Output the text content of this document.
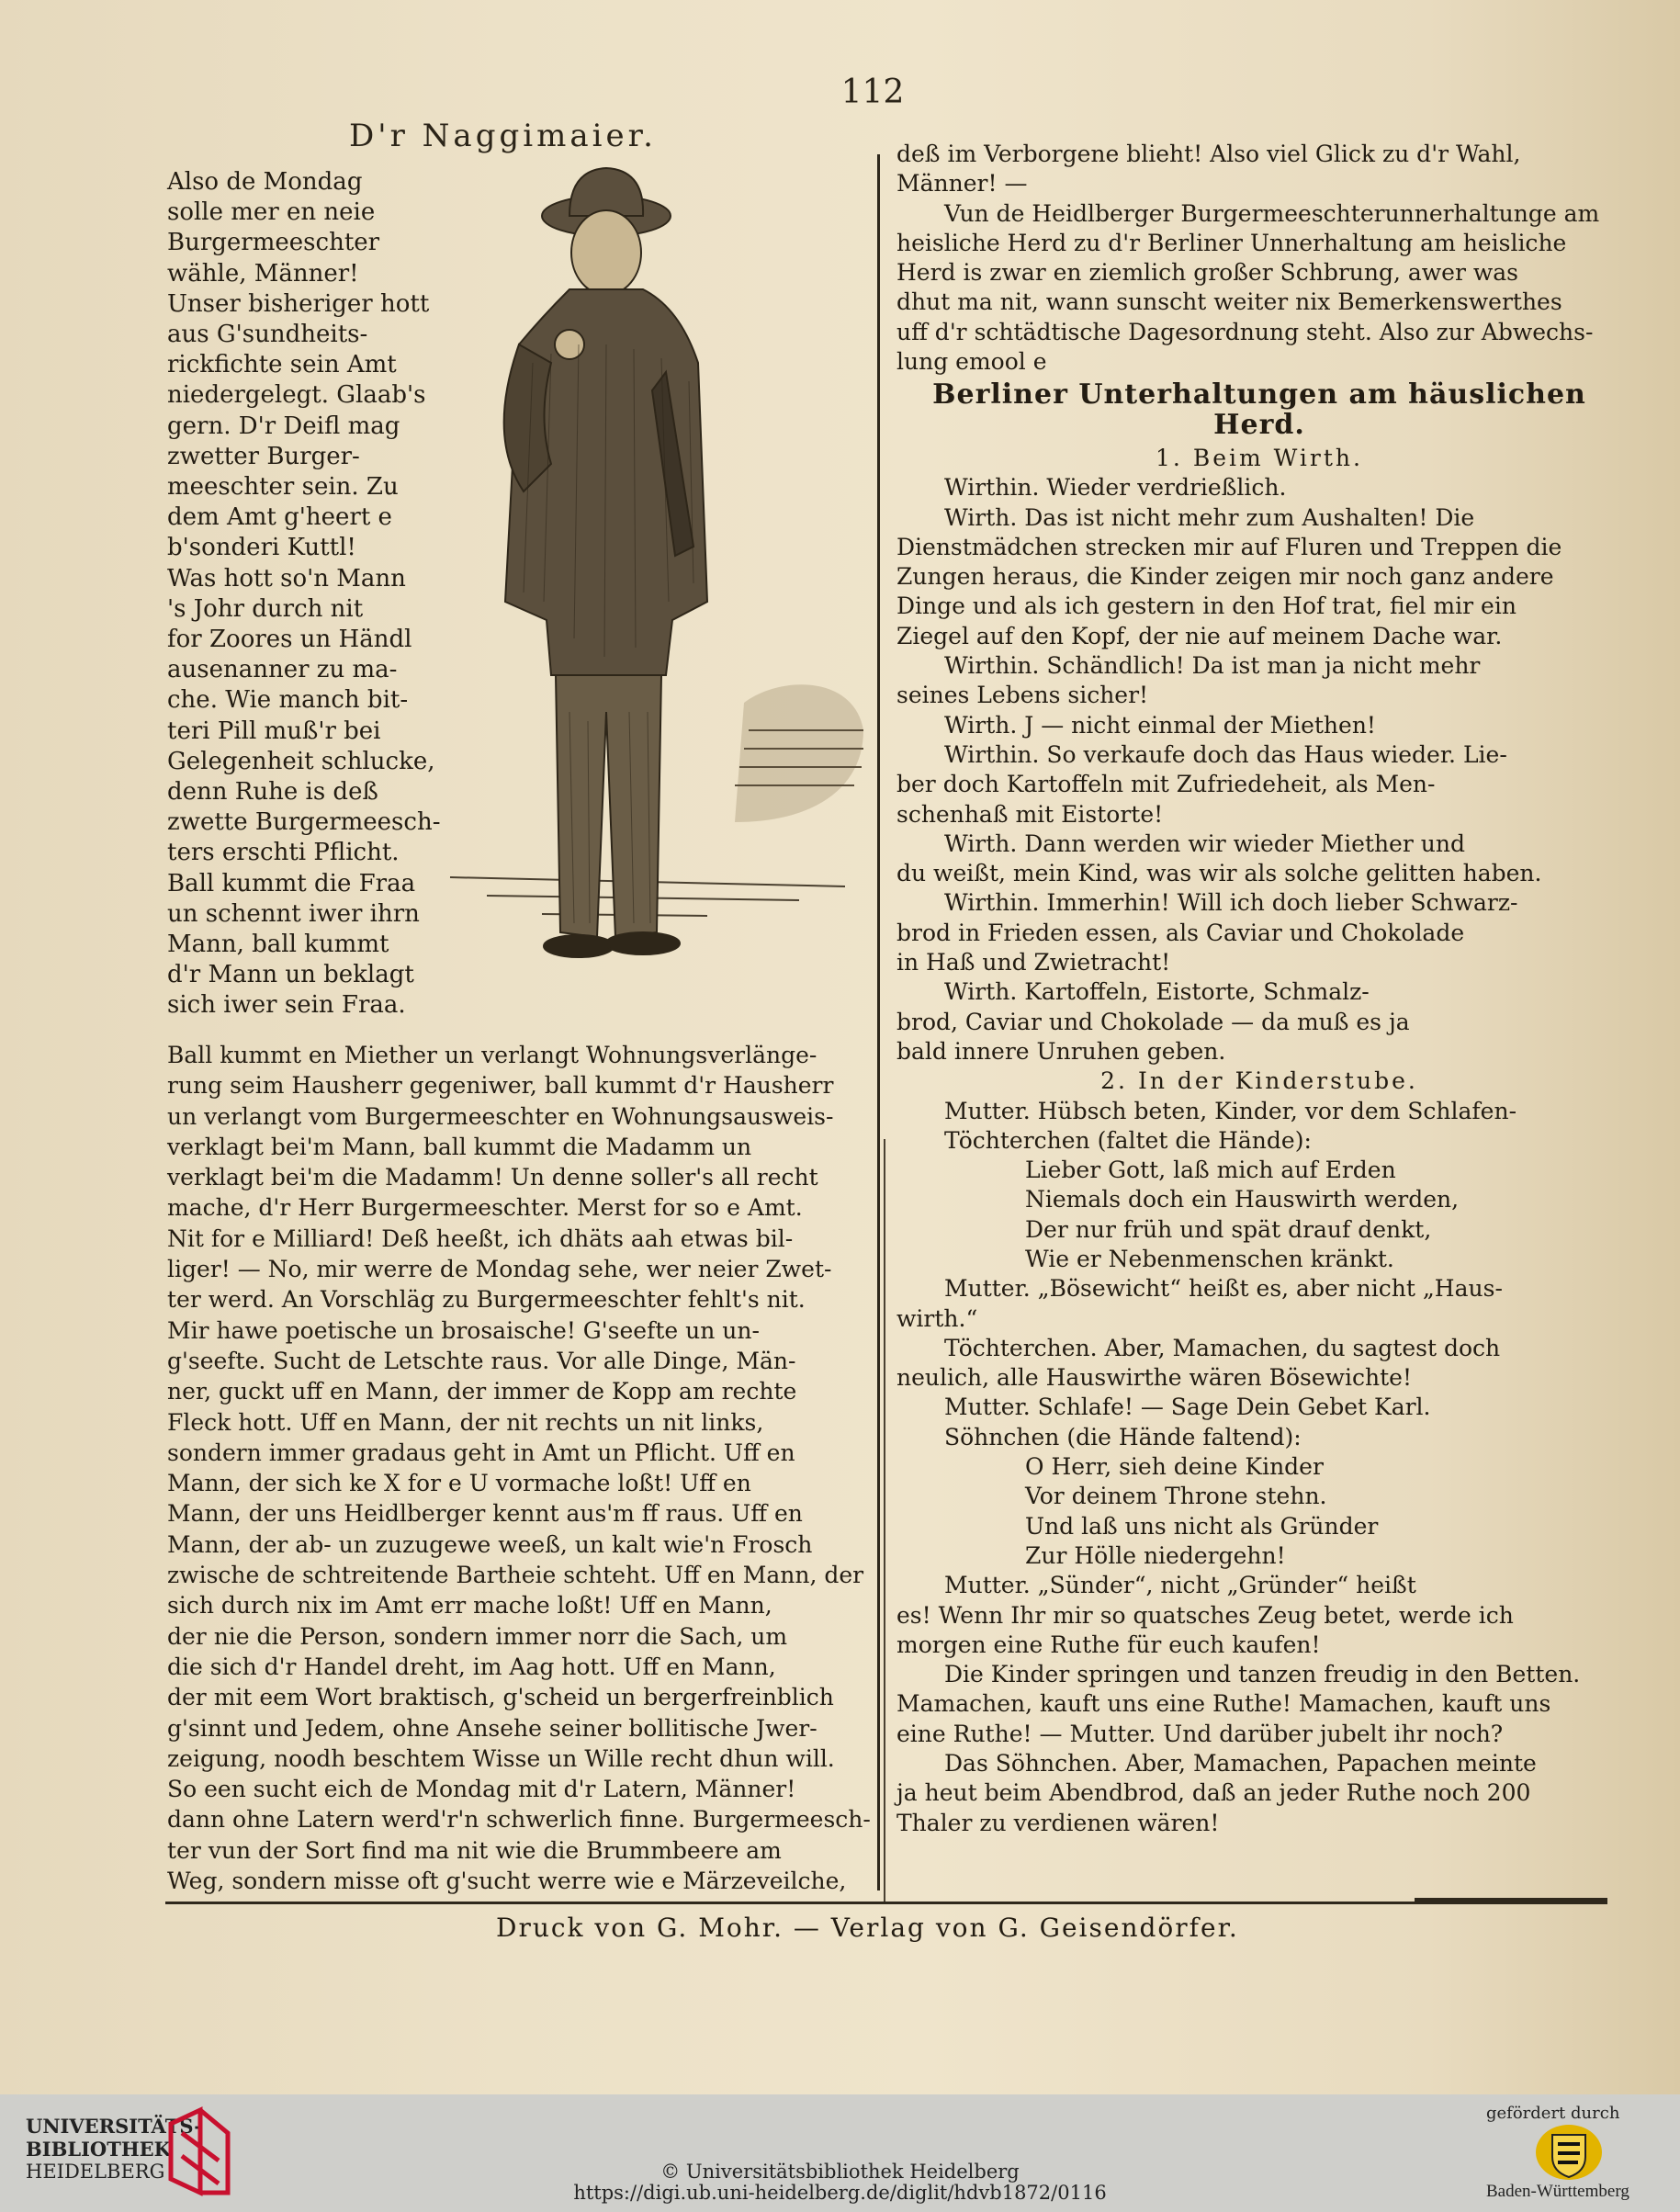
112
D'r Naggimaier.
Also de Mondag
solle mer en neie
Burgermeeschter
wähle, Männer!
Unser bisheriger hott
aus G'sundheits-
rickfichte sein Amt
niedergelegt. Glaab's
gern. D'r Deifl mag
zwetter Burger-
meeschter sein. Zu
dem Amt g'heert e
b'sonderi Kuttl!
Was hott so'n Mann
's Johr durch nit
for Zoores un Händl
ausenanner zu ma-
che. Wie manch bit-
teri Pill muß'r bei
Gelegenheit schlucke,
denn Ruhe is deß
zwette Burgermeesch-
ters erschti Pflicht.
Ball kummt die Fraa
un schennt iwer ihrn
Mann, ball kummt
d'r Mann un beklagt
sich iwer sein Fraa.
Ball kummt en Miether un verlangt Wohnungsverlänge-
rung seim Hausherr gegeniwer, ball kummt d'r Hausherr
un verlangt vom Burgermeeschter en Wohnungsausweis-
verklagt bei'm Mann, ball kummt die Madamm un
verklagt bei'm die Madamm! Un denne soller's all recht
mache, d'r Herr Burgermeeschter. Merst for so e Amt.
Nit for e Milliard! Deß heeßt, ich dhäts aah etwas bil-
liger! — No, mir werre de Mondag sehe, wer neier Zwet-
ter werd. An Vorschläg zu Burgermeeschter fehlt's nit.
Mir hawe poetische un brosaische! G'seefte un un-
g'seefte. Sucht de Letschte raus. Vor alle Dinge, Män-
ner, guckt uff en Mann, der immer de Kopp am rechte
Fleck hott. Uff en Mann, der nit rechts un nit links,
sondern immer gradaus geht in Amt un Pflicht. Uff en
Mann, der sich ke X for e U vormache loßt! Uff en
Mann, der uns Heidlberger kennt aus'm ff raus. Uff en
Mann, der ab- un zuzugewe weeß, un kalt wie'n Frosch
zwische de schtreitende Bartheie schteht. Uff en Mann, der
sich durch nix im Amt err mache loßt! Uff en Mann,
der nie die Person, sondern immer norr die Sach, um
die sich d'r Handel dreht, im Aag hott. Uff en Mann,
der mit eem Wort braktisch, g'scheid un bergerfreinblich
g'sinnt und Jedem, ohne Ansehe seiner bollitische Jwer-
zeigung, noodh beschtem Wisse un Wille recht dhun will.
So een sucht eich de Mondag mit d'r Latern, Männer!
dann ohne Latern werd'r'n schwerlich finne. Burgermeesch-
ter vun der Sort find ma nit wie die Brummbeere am
Weg, sondern misse oft g'sucht werre wie e Märzeveilche,
deß im Verborgene blieht! Also viel Glick zu d'r Wahl,
Männer! —
Vun de Heidlberger Burgermeeschterunnerhaltunge am
heisliche Herd zu d'r Berliner Unnerhaltung am heisliche
Herd is zwar en ziemlich großer Schbrung, awer was
dhut ma nit, wann sunscht weiter nix Bemerkenswerthes
uff d'r schtädtische Dagesordnung steht. Also zur Abwechs-
lung emool e
Berliner Unterhaltungen am häuslichen Herd.
1. Beim Wirth.
Wirthin. Wieder verdrießlich.
Wirth. Das ist nicht mehr zum Aushalten! Die
Dienstmädchen strecken mir auf Fluren und Treppen die
Zungen heraus, die Kinder zeigen mir noch ganz andere
Dinge und als ich gestern in den Hof trat, fiel mir ein
Ziegel auf den Kopf, der nie auf meinem Dache war.
Wirthin. Schändlich! Da ist man ja nicht mehr
seines Lebens sicher!
Wirth. J — nicht einmal der Miethen!
Wirthin. So verkaufe doch das Haus wieder. Lie-
ber doch Kartoffeln mit Zufriedeheit, als Men-
schenhaß mit Eistorte!
Wirth. Dann werden wir wieder Miether und
du weißt, mein Kind, was wir als solche gelitten haben.
Wirthin. Immerhin! Will ich doch lieber Schwarz-
brod in Frieden essen, als Caviar und Chokolade
in Haß und Zwietracht!
Wirth. Kartoffeln, Eistorte, Schmalz-
brod, Caviar und Chokolade — da muß es ja
bald innere Unruhen geben.
2. In der Kinderstube.
Mutter. Hübsch beten, Kinder, vor dem Schlafen-
Töchterchen (faltet die Hände):
Lieber Gott, laß mich auf Erden
Niemals doch ein Hauswirth werden,
Der nur früh und spät drauf denkt,
Wie er Nebenmenschen kränkt.
Mutter. „Bösewicht“ heißt es, aber nicht „Haus-
wirth.“
Töchterchen. Aber, Mamachen, du sagtest doch
neulich, alle Hauswirthe wären Bösewichte!
Mutter. Schlafe! — Sage Dein Gebet Karl.
Söhnchen (die Hände faltend):
O Herr, sieh deine Kinder
Vor deinem Throne stehn.
Und laß uns nicht als Gründer
Zur Hölle niedergehn!
Mutter. „Sünder“, nicht „Gründer“ heißt
es! Wenn Ihr mir so quatsches Zeug betet, werde ich
morgen eine Ruthe für euch kaufen!
Die Kinder springen und tanzen freudig in den Betten.
Mamachen, kauft uns eine Ruthe! Mamachen, kauft uns
eine Ruthe! — Mutter. Und darüber jubelt ihr noch?
Das Söhnchen. Aber, Mamachen, Papachen meinte
ja heut beim Abendbrod, daß an jeder Ruthe noch 200
Thaler zu verdienen wären!
Druck von G. Mohr. — Verlag von G. Geisendörfer.
UNIVERSITÄTS-
BIBLIOTHEK
HEIDELBERG	© Universitätsbibliothek Heidelberg
https://digi.ub.uni-heidelberg.de/diglit/hdvb1872/0116
gefördert durch
Baden-Württemberg
